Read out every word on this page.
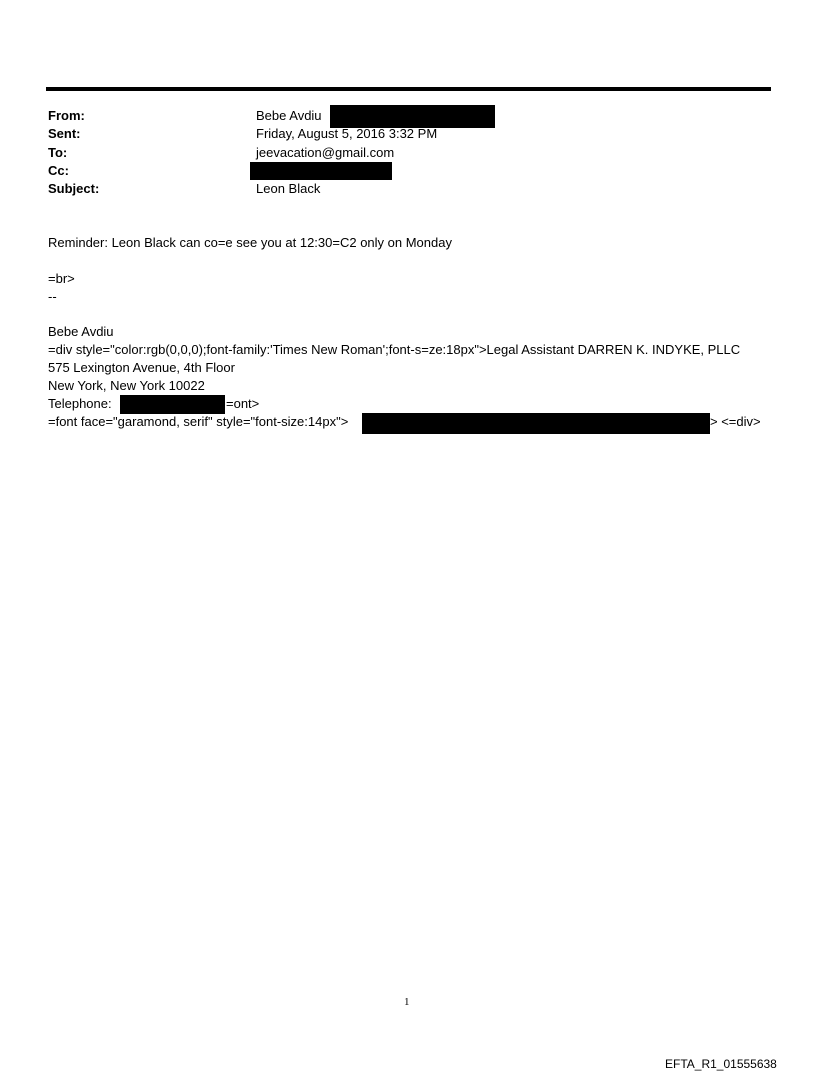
From:	Bebe Avdiu
Sent:	Friday, August 5, 2016 3:32 PM
To:	jeevacation@gmail.com
Cc:
Subject:	Leon Black
Reminder: Leon Black can co=e see you at 12:30=C2 only on Monday
=br>
--
Bebe Avdiu
=div style="color:rgb(0,0,0);font-family:'Times New Roman';font-s=ze:18px">Legal Assistant DARREN K. INDYKE, PLLC
575 Lexington Avenue, 4th Floor
New York, New York 10022
Telephone:	=ont>
=font face="garamond, serif" style="font-size:14px">	> <=div>
1
EFTA_R1_01555638
